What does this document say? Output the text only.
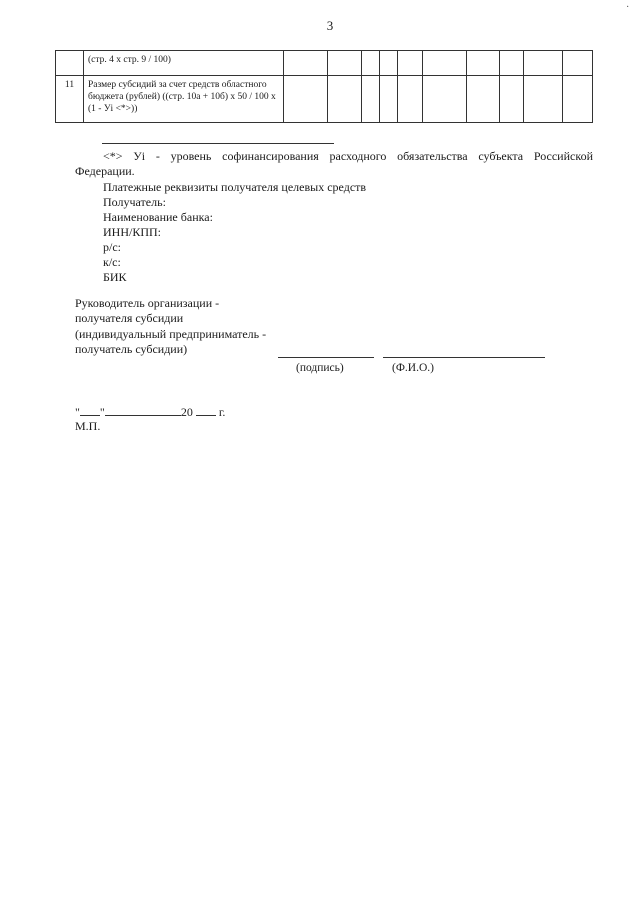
3
·
	(стр. 4 x стр. 9 / 100)										
11	Размер субсидий за счет средств областного бюджета (рублей) ((стр. 10а + 10б) x 50 / 100 x (1 - Уi <*>))										
<*> Уi - уровень софинансирования расходного обязательства субъекта Российской Федерации.
Платежные реквизиты получателя целевых средств
Получатель:
Наименование банка:
ИНН/КПП:
р/с:
к/с:
БИК
Руководитель организации -
получателя субсидии
(индивидуальный предприниматель -
получатель субсидии)
(подпись)	(Ф.И.О.)
" "	20 г.
М.П.
